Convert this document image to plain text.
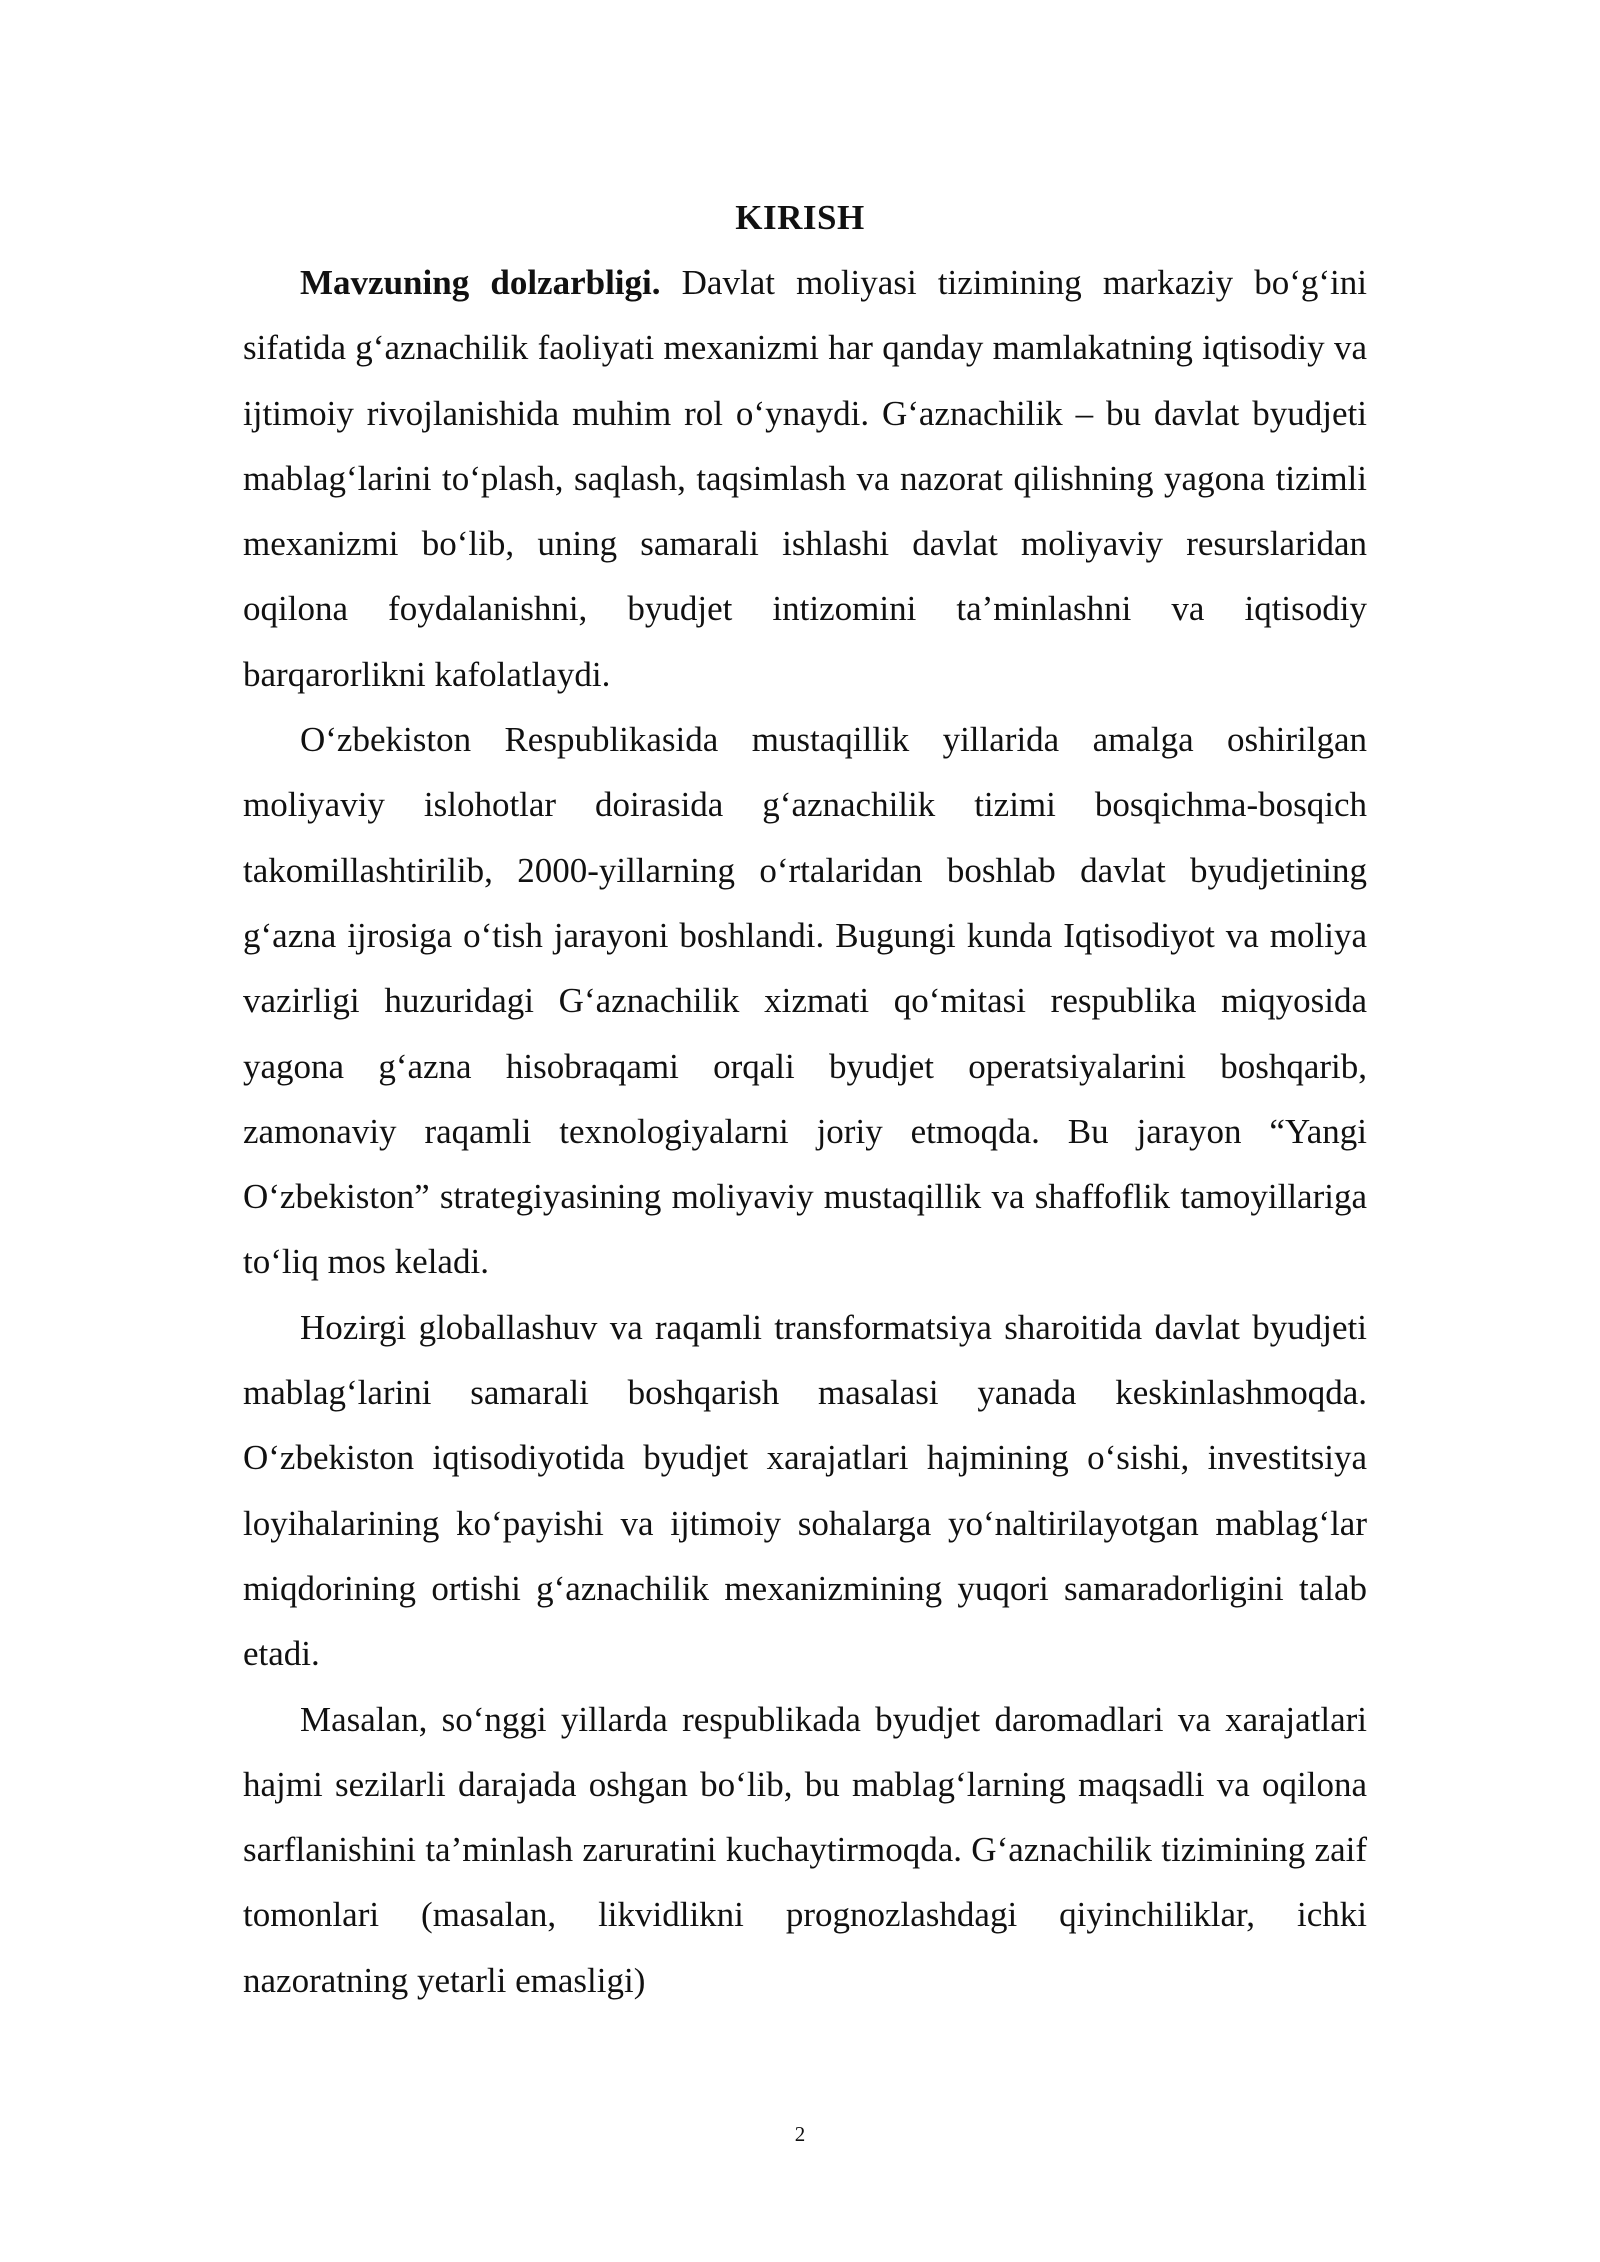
KIRISH

Mavzuning dolzarbligi. Davlat moliyasi tizimining markaziy bo‘g‘ini sifatida g‘aznachilik faoliyati mexanizmi har qanday mamlakatning iqtisodiy va ijtimoiy rivojlanishida muhim rol o‘ynaydi. G‘aznachilik – bu davlat byudjeti mablag‘larini to‘plash, saqlash, taqsimlash va nazorat qilishning yagona tizimli mexanizmi bo‘lib, uning samarali ishlashi davlat moliyaviy resurslaridan oqilona foydalanishni, byudjet intizomini ta’minlashni va iqtisodiy barqarorlikni kafolatlaydi.

O‘zbekiston Respublikasida mustaqillik yillarida amalga oshirilgan moliyaviy islohotlar doirasida g‘aznachilik tizimi bosqichma-bosqich takomillashtirilib, 2000-yillarning o‘rtalaridan boshlab davlat byudjetining g‘azna ijrosiga o‘tish jarayoni boshlandi. Bugungi kunda Iqtisodiyot va moliya vazirligi huzuridagi G‘aznachilik xizmati qo‘mitasi respublika miqyosida yagona g‘azna hisobraqami orqali byudjet operatsiyalarini boshqarib, zamonaviy raqamli texnologiyalarni joriy etmoqda. Bu jarayon “Yangi O‘zbekiston” strategiyasining moliyaviy mustaqillik va shaffoflik tamoyillariga to‘liq mos keladi.

Hozirgi globallashuv va raqamli transformatsiya sharoitida davlat byudjeti mablag‘larini samarali boshqarish masalasi yanada keskinlashmoqda. O‘zbekiston iqtisodiyotida byudjet xarajatlari hajmining o‘sishi, investitsiya loyihalarining ko‘payishi va ijtimoiy sohalarga yo‘naltirilayotgan mablag‘lar miqdorining ortishi g‘aznachilik mexanizmining yuqori samaradorligini talab etadi.

Masalan, so‘nggi yillarda respublikada byudjet daromadlari va xarajatlari hajmi sezilarli darajada oshgan bo‘lib, bu mablag‘larning maqsadli va oqilona sarflanishini ta’minlash zaruratini kuchaytirmoqda. G‘aznachilik tizimining zaif tomonlari (masalan, likvidlikni prognozlashdagi qiyinchiliklar, ichki nazoratning yetarli emasligi)

2
